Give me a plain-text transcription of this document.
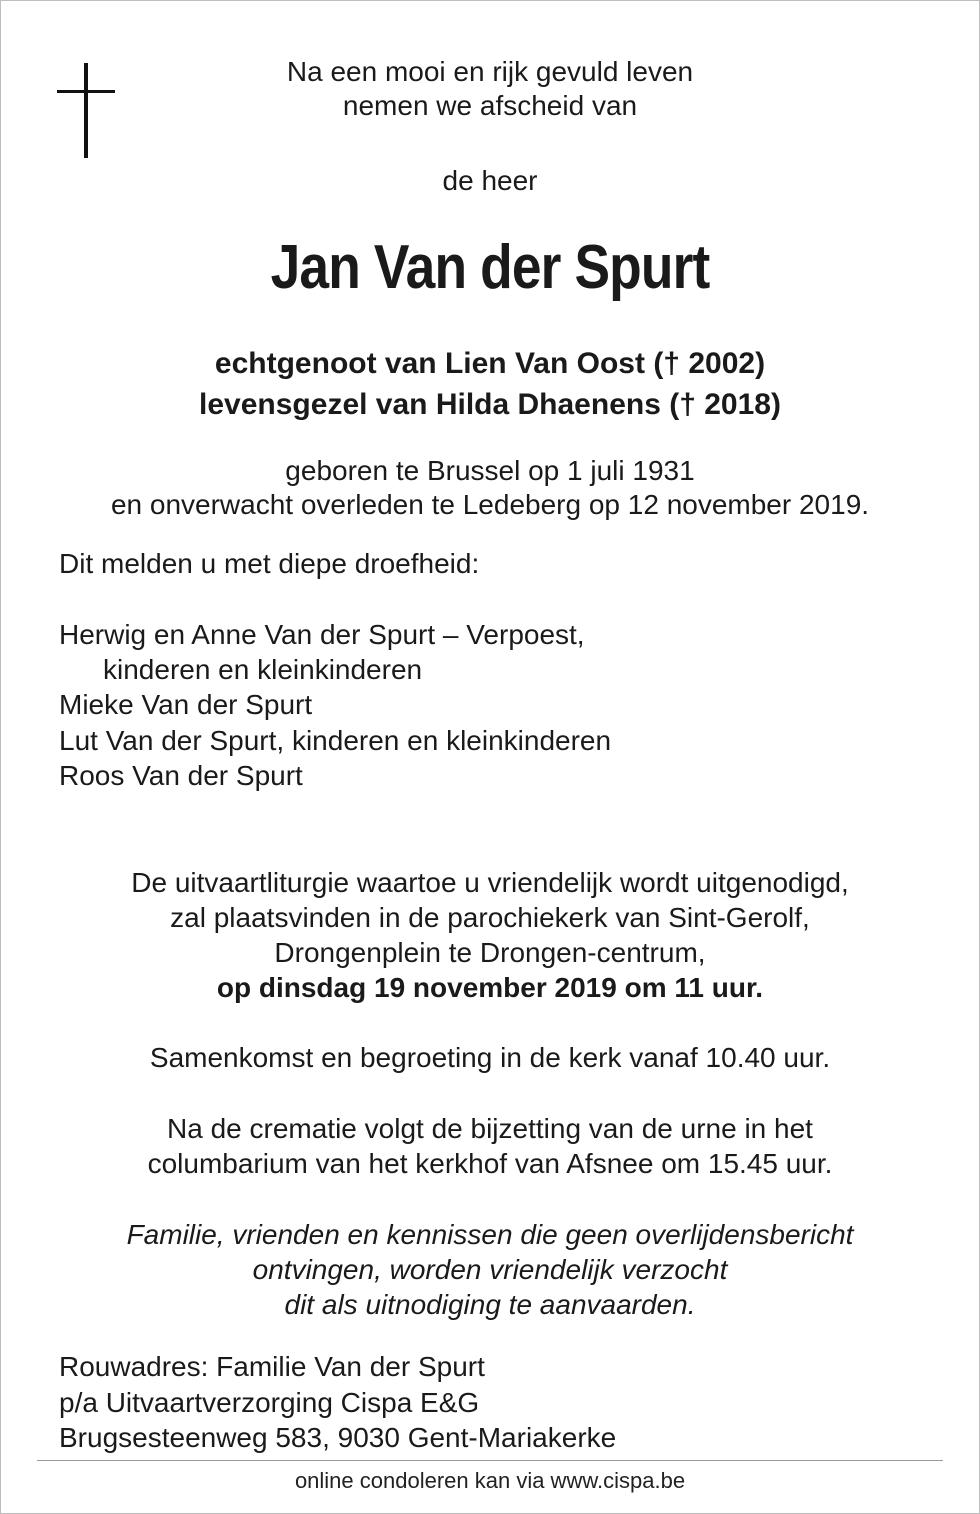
Na een mooi en rijk gevuld leven
nemen we afscheid van
de heer
Jan Van der Spurt
echtgenoot van Lien Van Oost († 2002)
levensgezel van Hilda Dhaenens († 2018)
geboren te Brussel op 1 juli 1931
en onverwacht overleden te Ledeberg op 12 november 2019.
Dit melden u met diepe droefheid:
Herwig en Anne Van der Spurt – Verpoest,
kinderen en kleinkinderen
Mieke Van der Spurt
Lut Van der Spurt, kinderen en kleinkinderen
Roos Van der Spurt
De uitvaartliturgie waartoe u vriendelijk wordt uitgenodigd,
zal plaatsvinden in de parochiekerk van Sint-Gerolf,
Drongenplein te Drongen-centrum,
op dinsdag 19 november 2019 om 11 uur.
Samenkomst en begroeting in de kerk vanaf 10.40 uur.
Na de crematie volgt de bijzetting van de urne in het
columbarium van het kerkhof van Afsnee om 15.45 uur.
Familie, vrienden en kennissen die geen overlijdensbericht
ontvingen, worden vriendelijk verzocht
dit als uitnodiging te aanvaarden.
Rouwadres: Familie Van der Spurt
p/a Uitvaartverzorging Cispa E&G
Brugsesteenweg 583, 9030 Gent-Mariakerke
online condoleren kan via www.cispa.be
